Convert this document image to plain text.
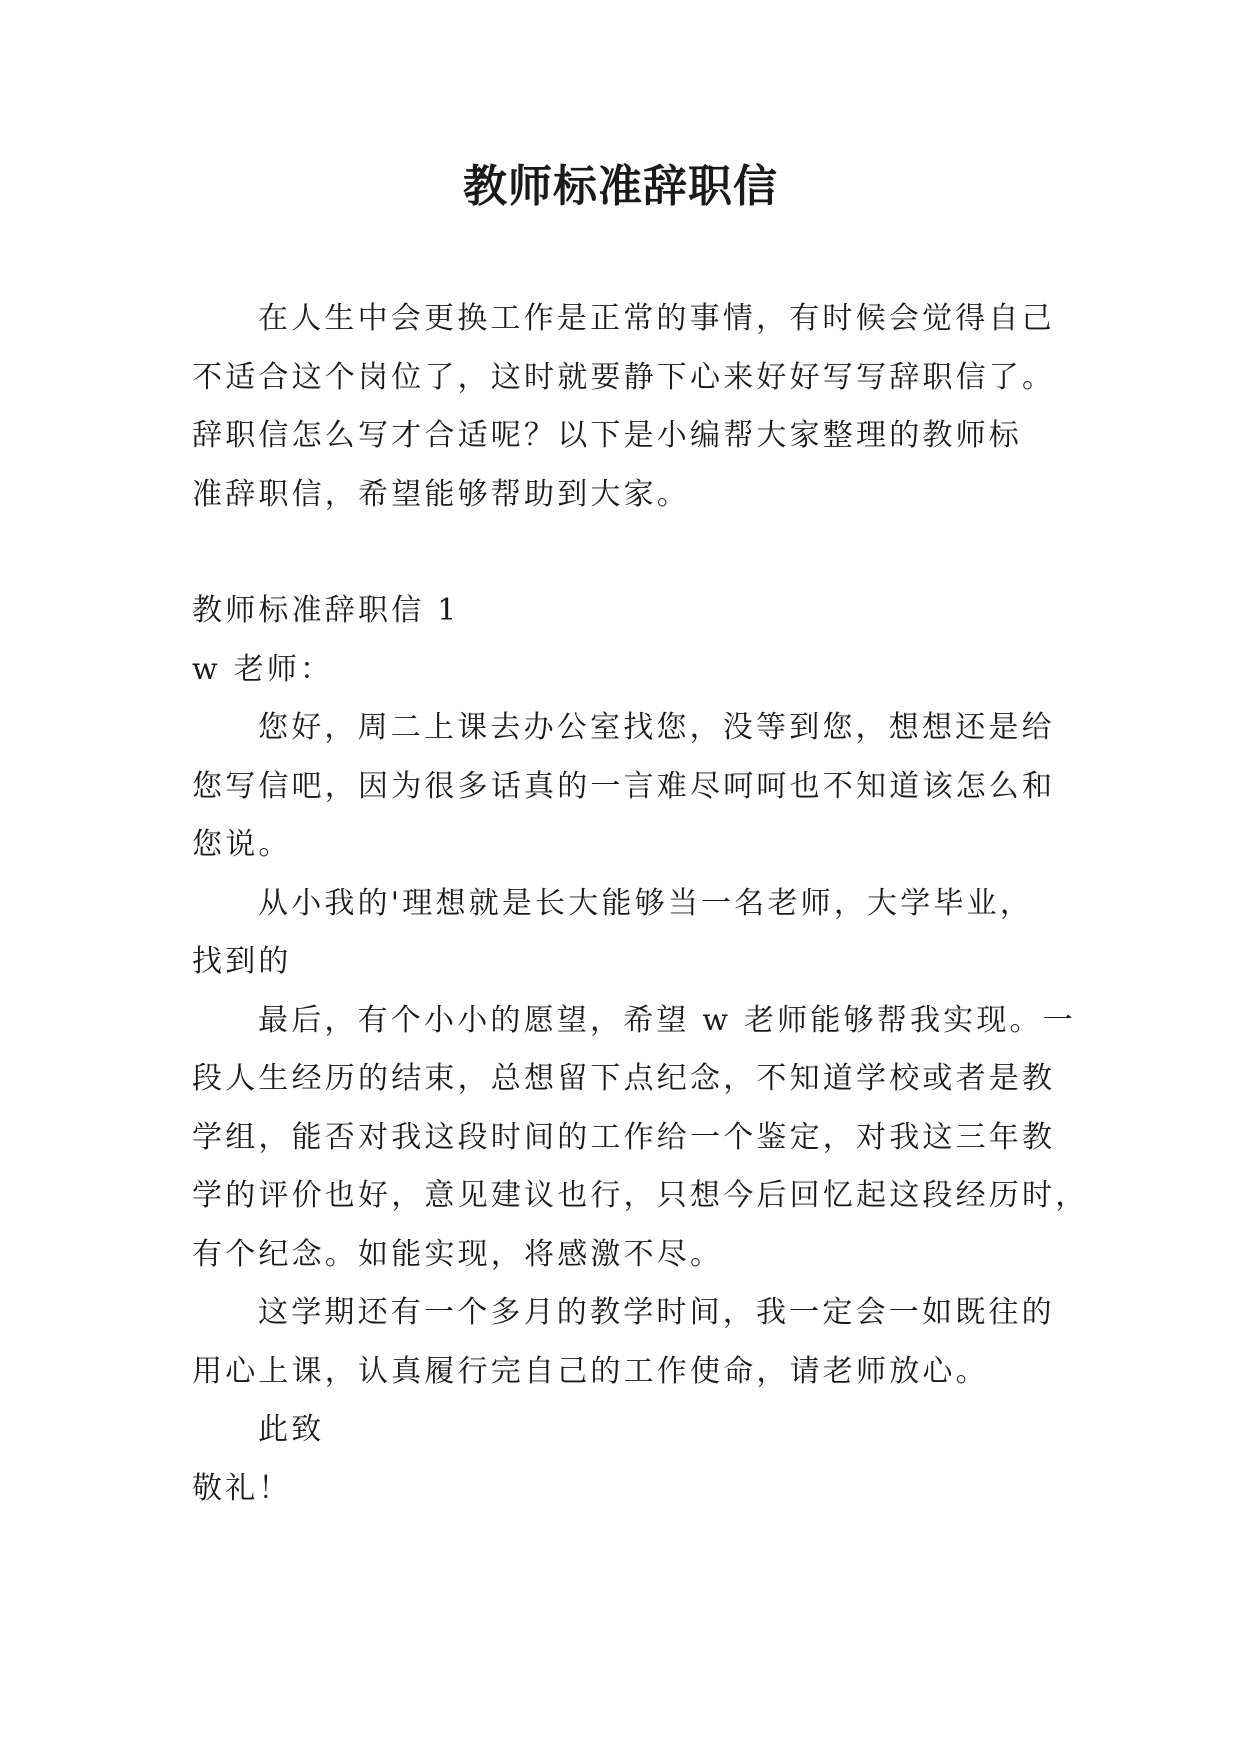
教师标准辞职信

在人生中会更换工作是正常的事情，有时候会觉得自己

不适合这个岗位了，这时就要静下心来好好写写辞职信了。

辞职信怎么写才合适呢？以下是小编帮大家整理的教师标

准辞职信，希望能够帮助到大家。

教师标准辞职信 1

w 老师：

您好，周二上课去办公室找您，没等到您，想想还是给

您写信吧，因为很多话真的一言难尽呵呵也不知道该怎么和

您说。

从小我的'理想就是长大能够当一名老师，大学毕业，

找到的

最后，有个小小的愿望，希望 w 老师能够帮我实现。一

段人生经历的结束，总想留下点纪念，不知道学校或者是教

学组，能否对我这段时间的工作给一个鉴定，对我这三年教

学的评价也好，意见建议也行，只想今后回忆起这段经历时，

有个纪念。如能实现，将感激不尽。

这学期还有一个多月的教学时间，我一定会一如既往的

用心上课，认真履行完自己的工作使命，请老师放心。

此致

敬礼！
